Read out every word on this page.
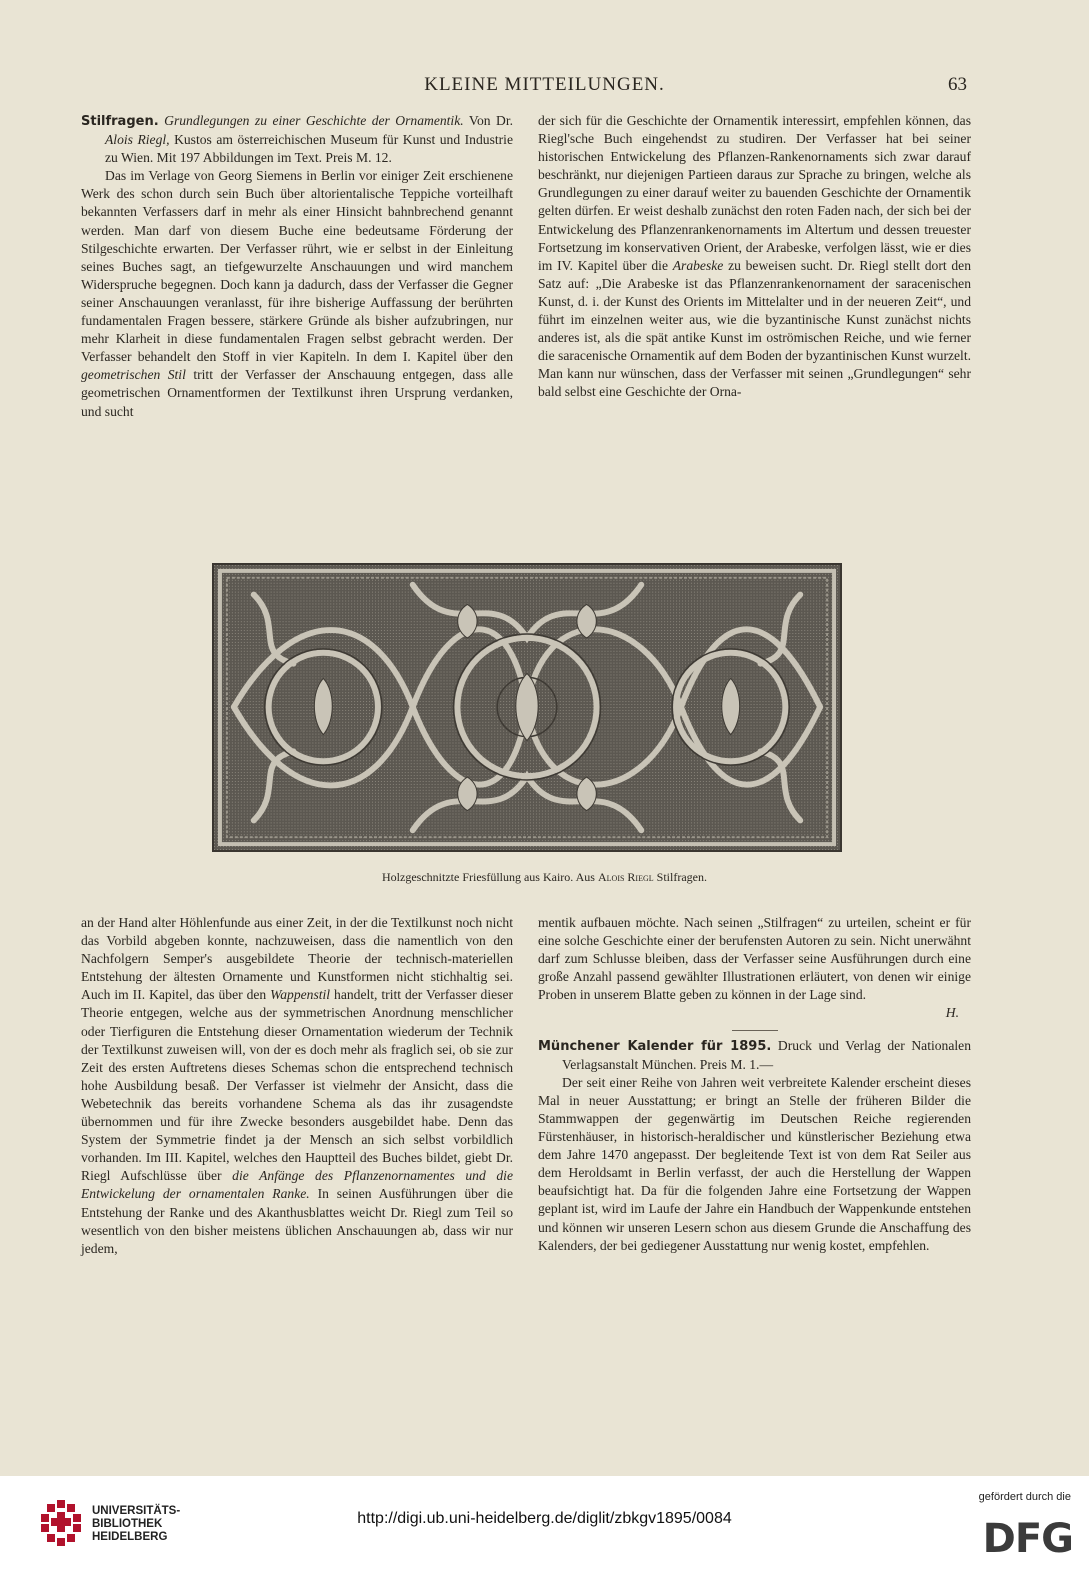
KLEINE MITTEILUNGEN.	63

Stilfragen. Grundlegungen zu einer Geschichte der Ornamentik. Von Dr. Alois Riegl, Kustos am österreichischen Museum für Kunst und Industrie zu Wien. Mit 197 Abbildungen im Text. Preis M. 12.

Das im Verlage von Georg Siemens in Berlin vor einiger Zeit erschienene Werk des schon durch sein Buch über altorientalische Teppiche vorteilhaft bekannten Verfassers darf in mehr als einer Hinsicht bahnbrechend genannt werden. Man darf von diesem Buche eine bedeutsame Förderung der Stilgeschichte erwarten. Der Verfasser rührt, wie er selbst in der Einleitung seines Buches sagt, an tiefgewurzelte Anschauungen und wird manchem Widerspruche begegnen. Doch kann ja dadurch, dass der Verfasser die Gegner seiner Anschauungen veranlasst, für ihre bisherige Auffassung der berührten fundamentalen Fragen bessere, stärkere Gründe als bisher aufzubringen, nur mehr Klarheit in diese fundamentalen Fragen selbst gebracht werden. Der Verfasser behandelt den Stoff in vier Kapiteln. In dem I. Kapitel über den geometrischen Stil tritt der Verfasser der Anschauung entgegen, dass alle geometrischen Ornamentformen der Textilkunst ihren Ursprung verdanken, und sucht

der sich für die Geschichte der Ornamentik interessirt, empfehlen können, das Riegl'sche Buch eingehendst zu studiren. Der Verfasser hat bei seiner historischen Entwickelung des Pflanzen-Rankenornaments sich zwar darauf beschränkt, nur diejenigen Partieen daraus zur Sprache zu bringen, welche als Grundlegungen zu einer darauf weiter zu bauenden Geschichte der Ornamentik gelten dürfen. Er weist deshalb zunächst den roten Faden nach, der sich bei der Entwickelung des Pflanzenrankenornaments im Altertum und dessen treuester Fortsetzung im konservativen Orient, der Arabeske, verfolgen lässt, wie er dies im IV. Kapitel über die Arabeske zu beweisen sucht. Dr. Riegl stellt dort den Satz auf: „Die Arabeske ist das Pflanzenrankenornament der saracenischen Kunst, d. i. der Kunst des Orients im Mittelalter und in der neueren Zeit“, und führt im einzelnen weiter aus, wie die byzantinische Kunst zunächst nichts anderes ist, als die spät antike Kunst im oströmischen Reiche, und wie ferner die saracenische Ornamentik auf dem Boden der byzantinischen Kunst wurzelt. Man kann nur wünschen, dass der Verfasser mit seinen „Grundlegungen“ sehr bald selbst eine Geschichte der Orna-

Holzgeschnitzte Friesfüllung aus Kairo. Aus Alois Riegl Stilfragen.

an der Hand alter Höhlenfunde aus einer Zeit, in der die Textilkunst noch nicht das Vorbild abgeben konnte, nachzuweisen, dass die namentlich von den Nachfolgern Semper's ausgebildete Theorie der technisch-materiellen Entstehung der ältesten Ornamente und Kunstformen nicht stichhaltig sei. Auch im II. Kapitel, das über den Wappenstil handelt, tritt der Verfasser dieser Theorie entgegen, welche aus der symmetrischen Anordnung menschlicher oder Tierfiguren die Entstehung dieser Ornamentation wiederum der Technik der Textilkunst zuweisen will, von der es doch mehr als fraglich sei, ob sie zur Zeit des ersten Auftretens dieses Schemas schon die entsprechend technisch hohe Ausbildung besaß. Der Verfasser ist vielmehr der Ansicht, dass die Webetechnik das bereits vorhandene Schema als das ihr zusagendste übernommen und für ihre Zwecke besonders ausgebildet habe. Denn das System der Symmetrie findet ja der Mensch an sich selbst vorbildlich vorhanden. Im III. Kapitel, welches den Hauptteil des Buches bildet, giebt Dr. Riegl Aufschlüsse über die Anfänge des Pflanzenornamentes und die Entwickelung der ornamentalen Ranke. In seinen Ausführungen über die Entstehung der Ranke und des Akanthusblattes weicht Dr. Riegl zum Teil so wesentlich von den bisher meistens üblichen Anschauungen ab, dass wir nur jedem,

mentik aufbauen möchte. Nach seinen „Stilfragen“ zu urteilen, scheint er für eine solche Geschichte einer der berufensten Autoren zu sein. Nicht unerwähnt darf zum Schlusse bleiben, dass der Verfasser seine Ausführungen durch eine große Anzahl passend gewählter Illustrationen erläutert, von denen wir einige Proben in unserem Blatte geben zu können in der Lage sind.

H.

Münchener Kalender für 1895. Druck und Verlag der Nationalen Verlagsanstalt München. Preis M. 1.—

Der seit einer Reihe von Jahren weit verbreitete Kalender erscheint dieses Mal in neuer Ausstattung; er bringt an Stelle der früheren Bilder die Stammwappen der gegenwärtig im Deutschen Reiche regierenden Fürstenhäuser, in historisch-heraldischer und künstlerischer Beziehung etwa dem Jahre 1470 angepasst. Der begleitende Text ist von dem Rat Seiler aus dem Heroldsamt in Berlin verfasst, der auch die Herstellung der Wappen beaufsichtigt hat. Da für die folgenden Jahre eine Fortsetzung der Wappen geplant ist, wird im Laufe der Jahre ein Handbuch der Wappenkunde entstehen und können wir unseren Lesern schon aus diesem Grunde die Anschaffung des Kalenders, der bei gediegener Ausstattung nur wenig kostet, empfehlen.

UNIVERSITÄTS-
BIBLIOTHEK
HEIDELBERG
http://digi.ub.uni-heidelberg.de/diglit/zbkgv1895/0084
gefördert durch die
DFG
